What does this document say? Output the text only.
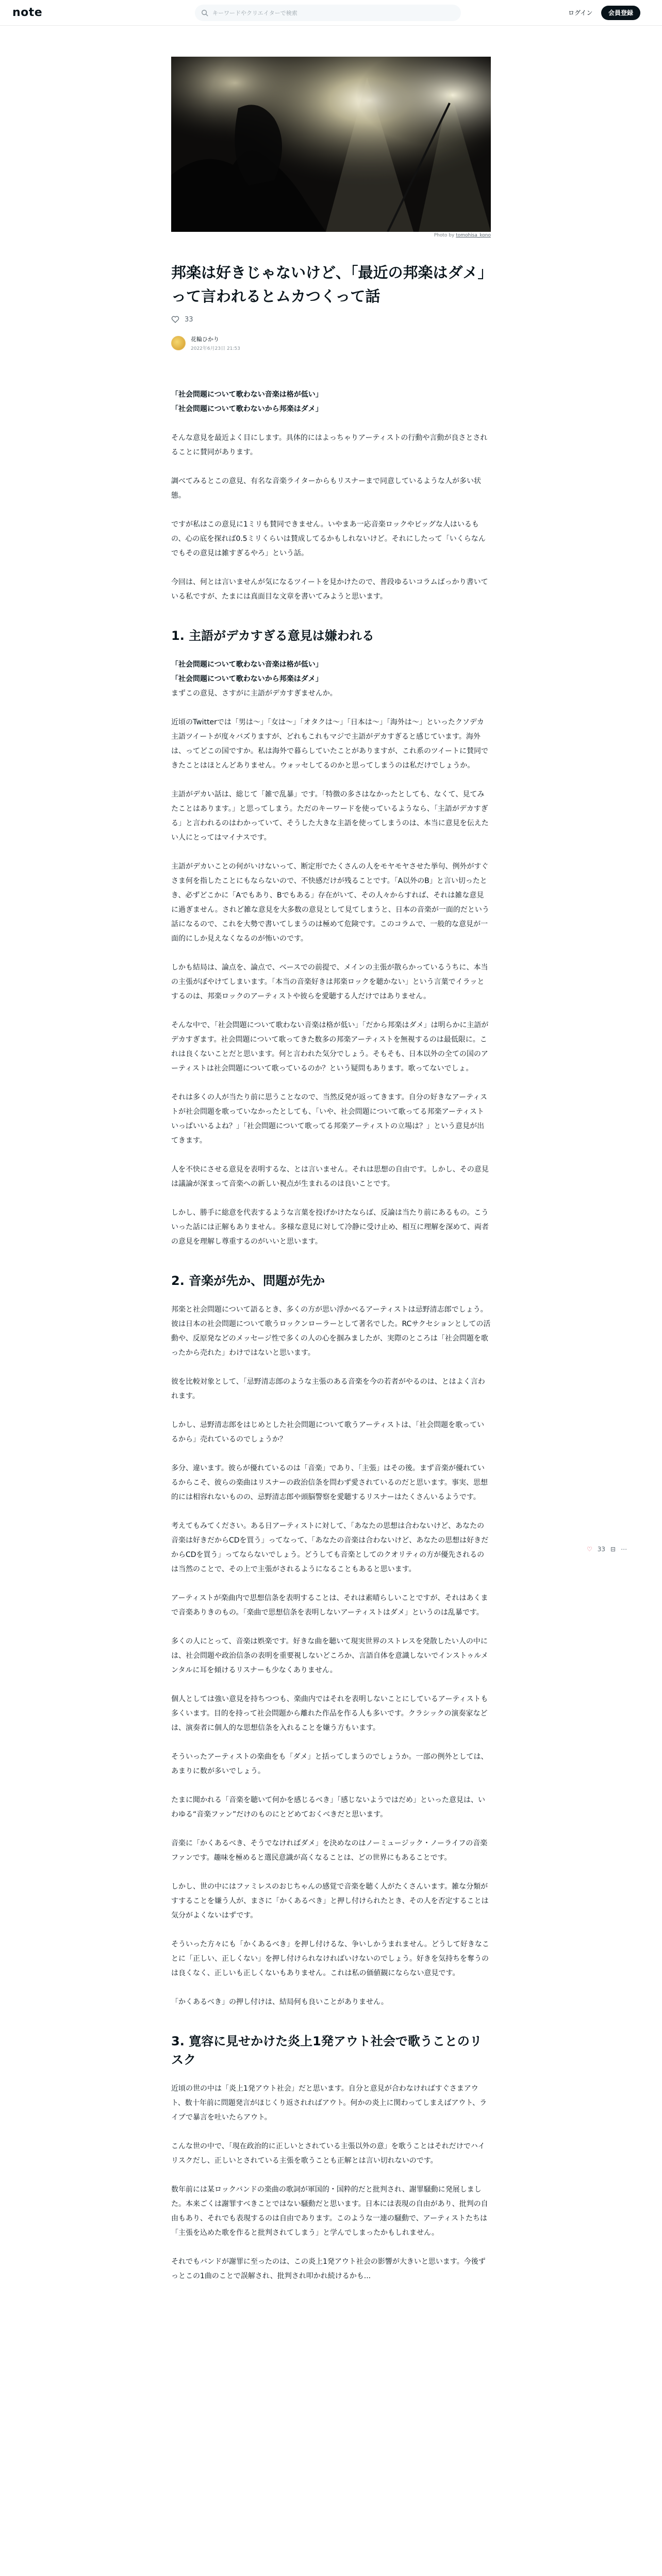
note
キーワードやクリエイターで検索	ログイン	会員登録
Photo by tomohisa_kono
邦楽は好きじゃないけど、｢最近の邦楽はダメ｣って言われるとムカつくって話
33
花輪ひかり
2022年6月23日 21:53

「社会問題について歌わない音楽は格が低い」

「社会問題について歌わないから邦楽はダメ」

そんな意見を最近よく目にします。具体的にはよっちゃりアーティストの行動や言動が良さとされることに賛同があります。

調べてみるとこの意見、有名な音楽ライターからもリスナーまで同意しているような人が多い状態。

ですが私はこの意見に1ミリも賛同できません。いやまあ一応音楽ロックやビッグな人はいるもの、心の底を探れば0.5ミリくらいは賛成してるかもしれないけど。それにしたって「いくらなんでもその意見は雑すぎるやろ」という話。

今回は、何とは言いませんが気になるツイートを見かけたので、普段ゆるいコラムばっかり書いている私ですが、たまには真面目な文章を書いてみようと思います。

1. 主語がデカすぎる意見は嫌われる

「社会問題について歌わない音楽は格が低い」

「社会問題について歌わないから邦楽はダメ」

まずこの意見、さすがに主語がデカすぎませんか。

近頃のTwitterでは「男は〜」「女は〜」「オタクは〜」「日本は〜」「海外は〜」といったクソデカ主語ツイートが度々バズりますが、どれもこれもマジで主語がデカすぎると感じています。海外は、ってどこの国ですか。私は海外で暮らしていたことがありますが、これ系のツイートに賛同できたことはほとんどありません。ウォッセしてるのかと思ってしまうのは私だけでしょうか。

主語がデカい話は、総じて「雑で乱暴」です。「特徴の多さはなかったとしても、なくて、見てみたことはあります。」と思ってしまう。ただのキーワードを使っているようなら、「主語がデカすぎる」と言われるのはわかっていて、そうした大きな主語を使ってしまうのは、本当に意見を伝えたい人にとってはマイナスです。

主語がデカいことの何がいけないって、断定形でたくさんの人をモヤモヤさせた挙句、例外がすぐさま何を指したことにもならないので、不快感だけが残ることです。「A以外のB」と言い切ったとき、必ずどこかに「Aでもあり、Bでもある」存在がいて、その人々からすれば、それは雑な意見に過ぎません。されど雑な意見を大多数の意見として見てしまうと、日本の音楽が一面的だという話になるので、これを大勢で書いてしまうのは極めて危険です。このコラムで、一般的な意見が一面的にしか見えなくなるのが怖いのです。

しかも結局は、論点を、論点で、ベースでの前提で、メインの主張が散らかっているうちに、本当の主張がぼやけてしまいます。「本当の音楽好きは邦楽ロックを聴かない」という言葉でイラッとするのは、邦楽ロックのアーティストや彼らを愛聴する人だけではありません。

そんな中で、「社会問題について歌わない音楽は格が低い」「だから邦楽はダメ」は明らかに主語がデカすぎます。社会問題について歌ってきた数多の邦楽アーティストを無視するのは最低限に。これは良くないことだと思います。何と言われた気分でしょう。そもそも、日本以外の全ての国のアーティストは社会問題について歌っているのか？という疑問もあります。歌ってないでしょ。

それは多くの人が当たり前に思うことなので、当然反発が返ってきます。自分の好きなアーティストが社会問題を歌っていなかったとしても、「いや、社会問題について歌ってる邦楽アーティストいっぱいいるよね？」「社会問題について歌ってる邦楽アーティストの立場は？」という意見が出てきます。

人を不快にさせる意見を表明するな、とは言いません。それは思想の自由です。しかし、その意見は議論が深まって音楽への新しい視点が生まれるのは良いことです。

しかし、勝手に総意を代表するような言葉を投げかけたならば、反論は当たり前にあるもの。こういった話には正解もありません。多様な意見に対して冷静に受け止め、相互に理解を深めて、両者の意見を理解し尊重するのがいいと思います。

2. 音楽が先か、問題が先か

邦楽と社会問題について語るとき、多くの方が思い浮かべるアーティストは忌野清志郎でしょう。彼は日本の社会問題について歌うロックンローラーとして著名でした。RCサクセションとしての活動や、反原発などのメッセージ性で多くの人の心を掴みましたが、実際のところは「社会問題を歌ったから売れた」わけではないと思います。

彼を比較対象として、「忌野清志郎のような主張のある音楽を今の若者がやるのは、とはよく言われます。

しかし、忌野清志郎をはじめとした社会問題について歌うアーティストは、「社会問題を歌っているから」売れているのでしょうか？

多分、違います。彼らが優れているのは「音楽」であり、「主張」はその後。まず音楽が優れているからこそ、彼らの楽曲はリスナーの政治信条を問わず愛されているのだと思います。事実、思想的には相容れないものの、忌野清志郎や頭脳警察を愛聴するリスナーはたくさんいるようです。

考えてもみてください。ある日アーティストに対して、「あなたの思想は合わないけど、あなたの音楽は好きだからCDを買う」ってなって、「あなたの音楽は合わないけど、あなたの思想は好きだからCDを買う」ってならないでしょう。どうしても音楽としてのクオリティの方が優先されるのは当然のことで、その上で主張がされるようになることもあると思います。

アーティストが楽曲内で思想信条を表明することは、それは素晴らしいことですが、それはあくまで音楽ありきのもの。「楽曲で思想信条を表明しないアーティストはダメ」というのは乱暴です。

多くの人にとって、音楽は娯楽です。好きな曲を聴いて現実世界のストレスを発散したい人の中には、社会問題や政治信条の表明を重要視しないどころか、言語自体を意識しないでインストゥルメンタルに耳を傾けるリスナーも少なくありません。

個人としては強い意見を持ちつつも、楽曲内ではそれを表明しないことにしているアーティストも多くいます。目的を持って社会問題から離れた作品を作る人も多いです。クラシックの演奏家などは、演奏者に個人的な思想信条を入れることを嫌う方もいます。

そういったアーティストの楽曲をも「ダメ」と括ってしまうのでしょうか。一部の例外としては、あまりに数が多いでしょう。

たまに聞かれる「音楽を聴いて何かを感じるべき」「感じないようではだめ」といった意見は、いわゆる“音楽ファン”だけのものにとどめておくべきだと思います。

音楽に「かくあるべき、そうでなければダメ」を決めなのはノーミュージック・ノーライフの音楽ファンです。趣味を極めると選民意識が高くなることは、どの世界にもあることです。

しかし、世の中にはファミレスのおじちゃんの感覚で音楽を聴く人がたくさんいます。雑な分類がすすることを嫌う人が、まさに「かくあるべき」と押し付けられたとき、その人を否定することは気分がよくないはずです。

そういった方々にも「かくあるべき」を押し付けるな、争いしかうまれません。どうして好きなことに「正しい、正しくない」を押し付けられなければいけないのでしょう。好きを気持ちを奪うのは良くなく、正しいも正しくないもありません。これは私の価値観にならない意見です。

「かくあるべき」の押し付けは、結局何も良いことがありません。

3. 寛容に見せかけた炎上1発アウト社会で歌うことのリスク

近頃の世の中は「炎上1発アウト社会」だと思います。自分と意見が合わなければすぐさまアウト、数十年前に問題発言がほじくり返されればアウト。何かの炎上に関わってしまえばアウト、ライブで暴言を吐いたらアウト。

こんな世の中で、「現在政治的に正しいとされている主張以外の意」を歌うことはそれだけでハイリスクだし、正しいとされている主張を歌うことも正解とは言い切れないのです。

数年前には某ロックバンドの楽曲の歌詞が軍国的・国粋的だと批判され、謝罪騒動に発展しました。本来ごくは謝罪すべきことではない騒動だと思います。日本には表現の自由があり、批判の自由もあり、それでも表現するのは自由であります。このような一連の騒動で、アーティストたちは「主張を込めた歌を作ると批判されてしまう」と学んでしまったかもしれません。

それでもバンドが謝罪に至ったのは、この炎上1発アウト社会の影響が大きいと思います。今後ずっとこの1曲のことで誤解され、批判され叩かれ続けるかも...

♡ 33 ⊟ ⋯
